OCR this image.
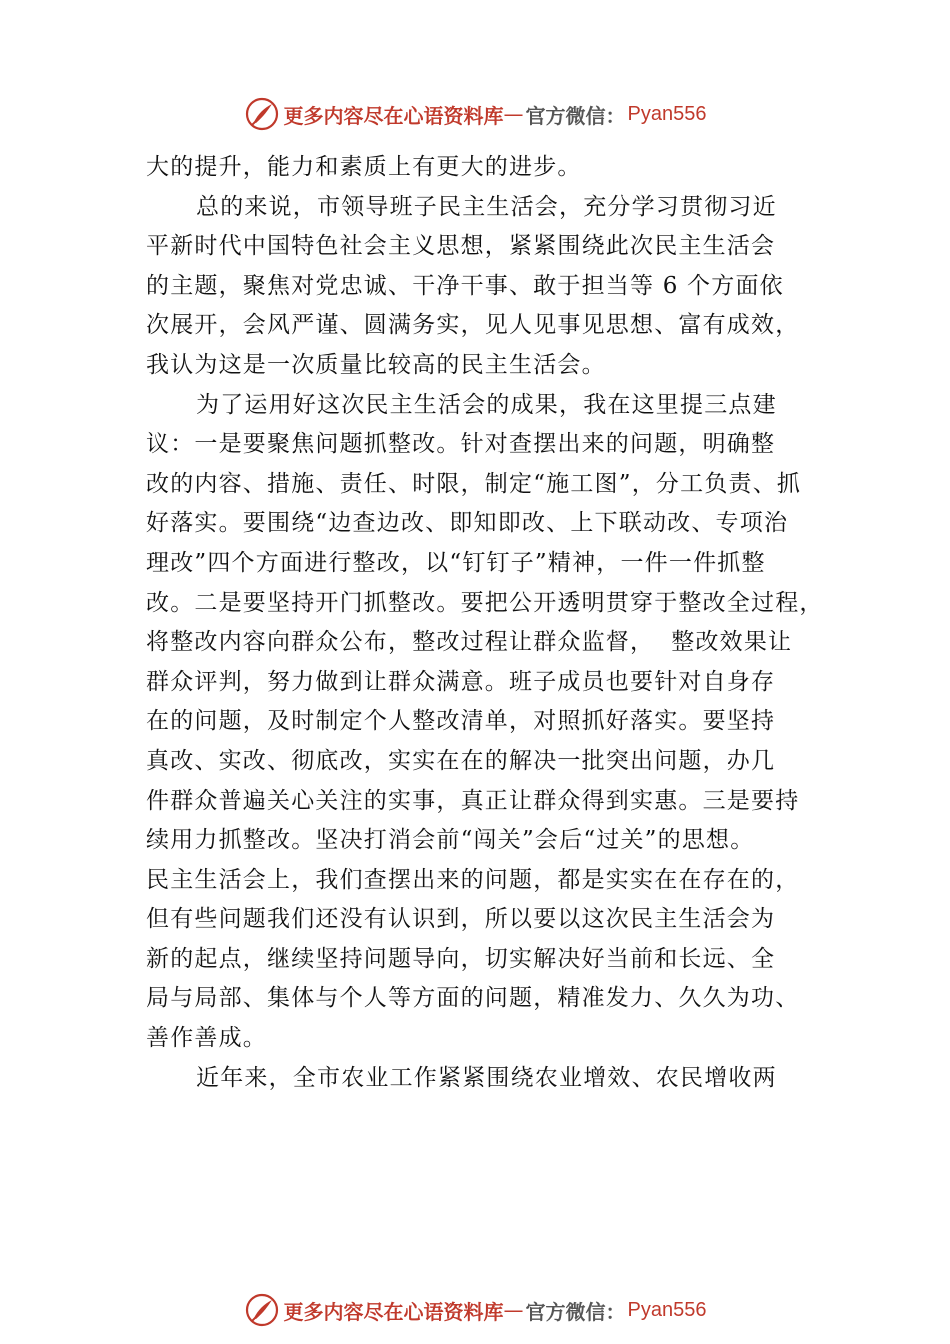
更多内容尽在心语资料库 — 官方微信： Pyan556
大的提升，能力和素质上有更大的进步。
总的来说，市领导班子民主生活会，充分学习贯彻习近
平新时代中国特色社会主义思想，紧紧围绕此次民主生活会
的主题，聚焦对党忠诚、干净干事、敢于担当等 6 个方面依
次展开，会风严谨、圆满务实，见人见事见思想、富有成效，
我认为这是一次质量比较高的民主生活会。
为了运用好这次民主生活会的成果，我在这里提三点建
议：一是要聚焦问题抓整改。针对查摆出来的问题，明确整
改的内容、措施、责任、时限，制定“施工图”，分工负责、抓
好落实。要围绕“边查边改、即知即改、上下联动改、专项治
理改”四个方面进行整改，以“钉钉子”精神，一件一件抓整
改。二是要坚持开门抓整改。要把公开透明贯穿于整改全过程，
将整改内容向群众公布，整改过程让群众监督，  整改效果让
群众评判，努力做到让群众满意。班子成员也要针对自身存
在的问题，及时制定个人整改清单，对照抓好落实。要坚持
真改、实改、彻底改，实实在在的解决一批突出问题，办几
件群众普遍关心关注的实事，真正让群众得到实惠。三是要持
续用力抓整改。坚决打消会前“闯关”会后“过关”的思想。
民主生活会上，我们查摆出来的问题，都是实实在在存在的，
但有些问题我们还没有认识到，所以要以这次民主生活会为
新的起点，继续坚持问题导向，切实解决好当前和长远、全
局与局部、集体与个人等方面的问题，精准发力、久久为功、
善作善成。
近年来，全市农业工作紧紧围绕农业增效、农民增收两
更多内容尽在心语资料库 — 官方微信： Pyan556
